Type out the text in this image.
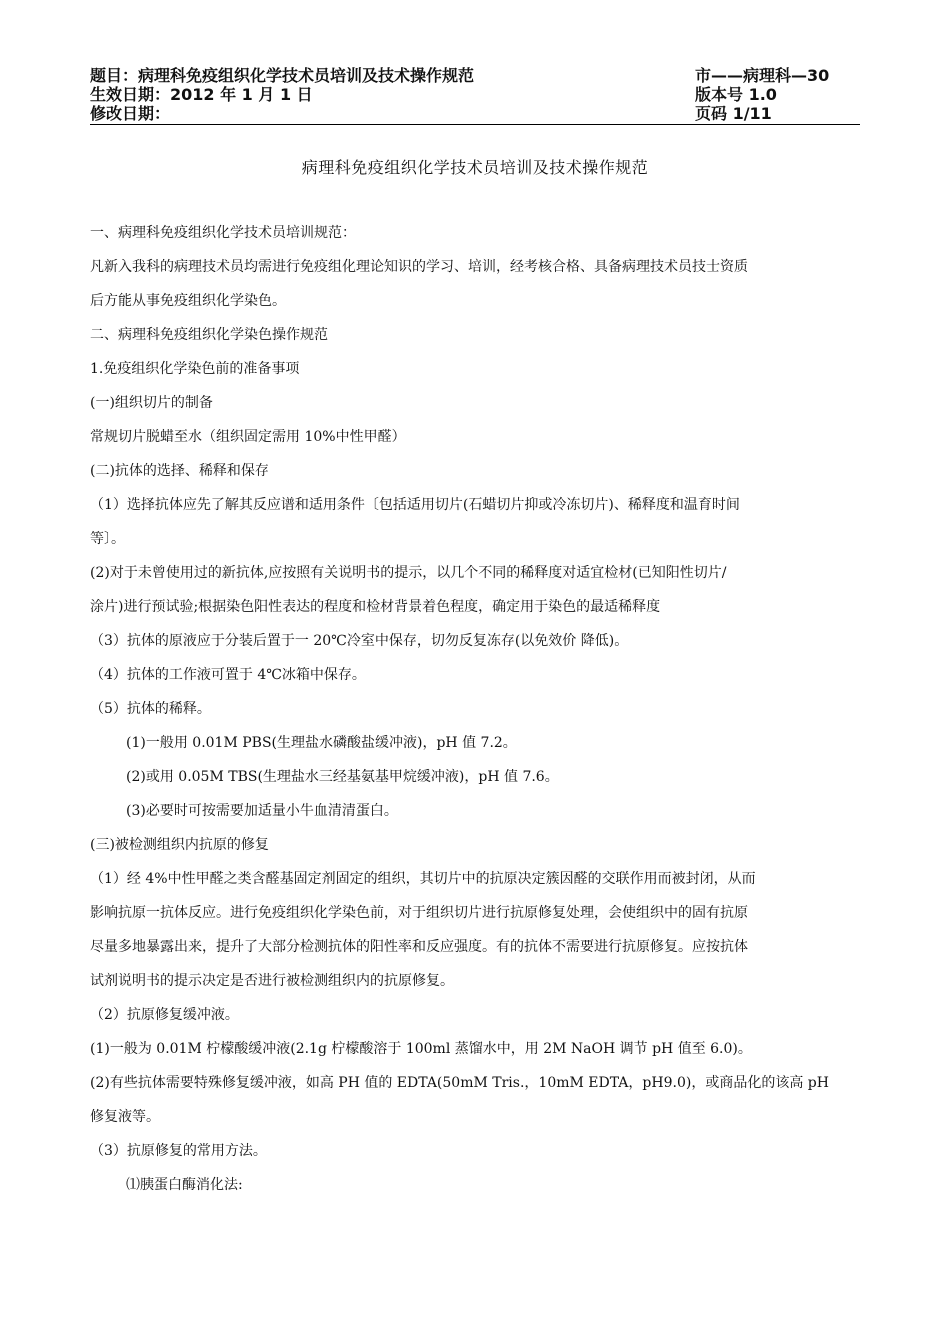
题目：病理科免疫组织化学技术员培训及技术操作规范	市——病理科—30
生效日期：2012 年 1 月 1 日	版本号 1.0
修改日期：	页码 1/11
病理科免疫组织化学技术员培训及技术操作规范
一、病理科免疫组织化学技术员培训规范：
凡新入我科的病理技术员均需进行免疫组化理论知识的学习、培训，经考核合格、具备病理技术员技士资质
后方能从事免疫组织化学染色。
二、病理科免疫组织化学染色操作规范
1.免疫组织化学染色前的准备事项
(一)组织切片的制备
常规切片脱蜡至水（组织固定需用 10%中性甲醛）
(二)抗体的选择、稀释和保存
（1）选择抗体应先了解其反应谱和适用条件〔包括适用切片(石蜡切片抑或冷冻切片)、稀释度和温育时间
等〕。
(2)对于未曾使用过的新抗体,应按照有关说明书的提示，以几个不同的稀释度对适宜检材(已知阳性切片/
涂片)进行预试验;根据染色阳性表达的程度和检材背景着色程度，确定用于染色的最适稀释度
（3）抗体的原液应于分装后置于一 20℃冷室中保存，切勿反复冻存(以免效价 降低)。
（4）抗体的工作液可置于 4℃冰箱中保存。
（5）抗体的稀释。
(1)一般用 0.01M PBS(生理盐水磷酸盐缓冲液)，pH 值 7.2。
(2)或用 0.05M TBS(生理盐水三经基氨基甲烷缓冲液)，pH 值 7.6。
(3)必要时可按需要加适量小牛血清清蛋白。
(三)被检测组织内抗原的修复
（1）经 4%中性甲醛之类含醛基固定剂固定的组织，其切片中的抗原决定簇因醛的交联作用而被封闭，从而
影响抗原一抗体反应。进行免疫组织化学染色前，对于组织切片进行抗原修复处理，会使组织中的固有抗原
尽量多地暴露出来，提升了大部分检测抗体的阳性率和反应强度。有的抗体不需要进行抗原修复。应按抗体
试剂说明书的提示决定是否进行被检测组织内的抗原修复。
（2）抗原修复缓冲液。
(1)一般为 0.01M 柠檬酸缓冲液(2.1g 柠檬酸溶于 100ml 蒸馏水中，用 2M NaOH 调节 pH 值至 6.0)。
(2)有些抗体需要特殊修复缓冲液，如高 PH 值的 EDTA(50mM Tris.，10mM EDTA，pH9.0)，或商品化的该高 pH
修复液等。
（3）抗原修复的常用方法。
⑴胰蛋白酶消化法:
